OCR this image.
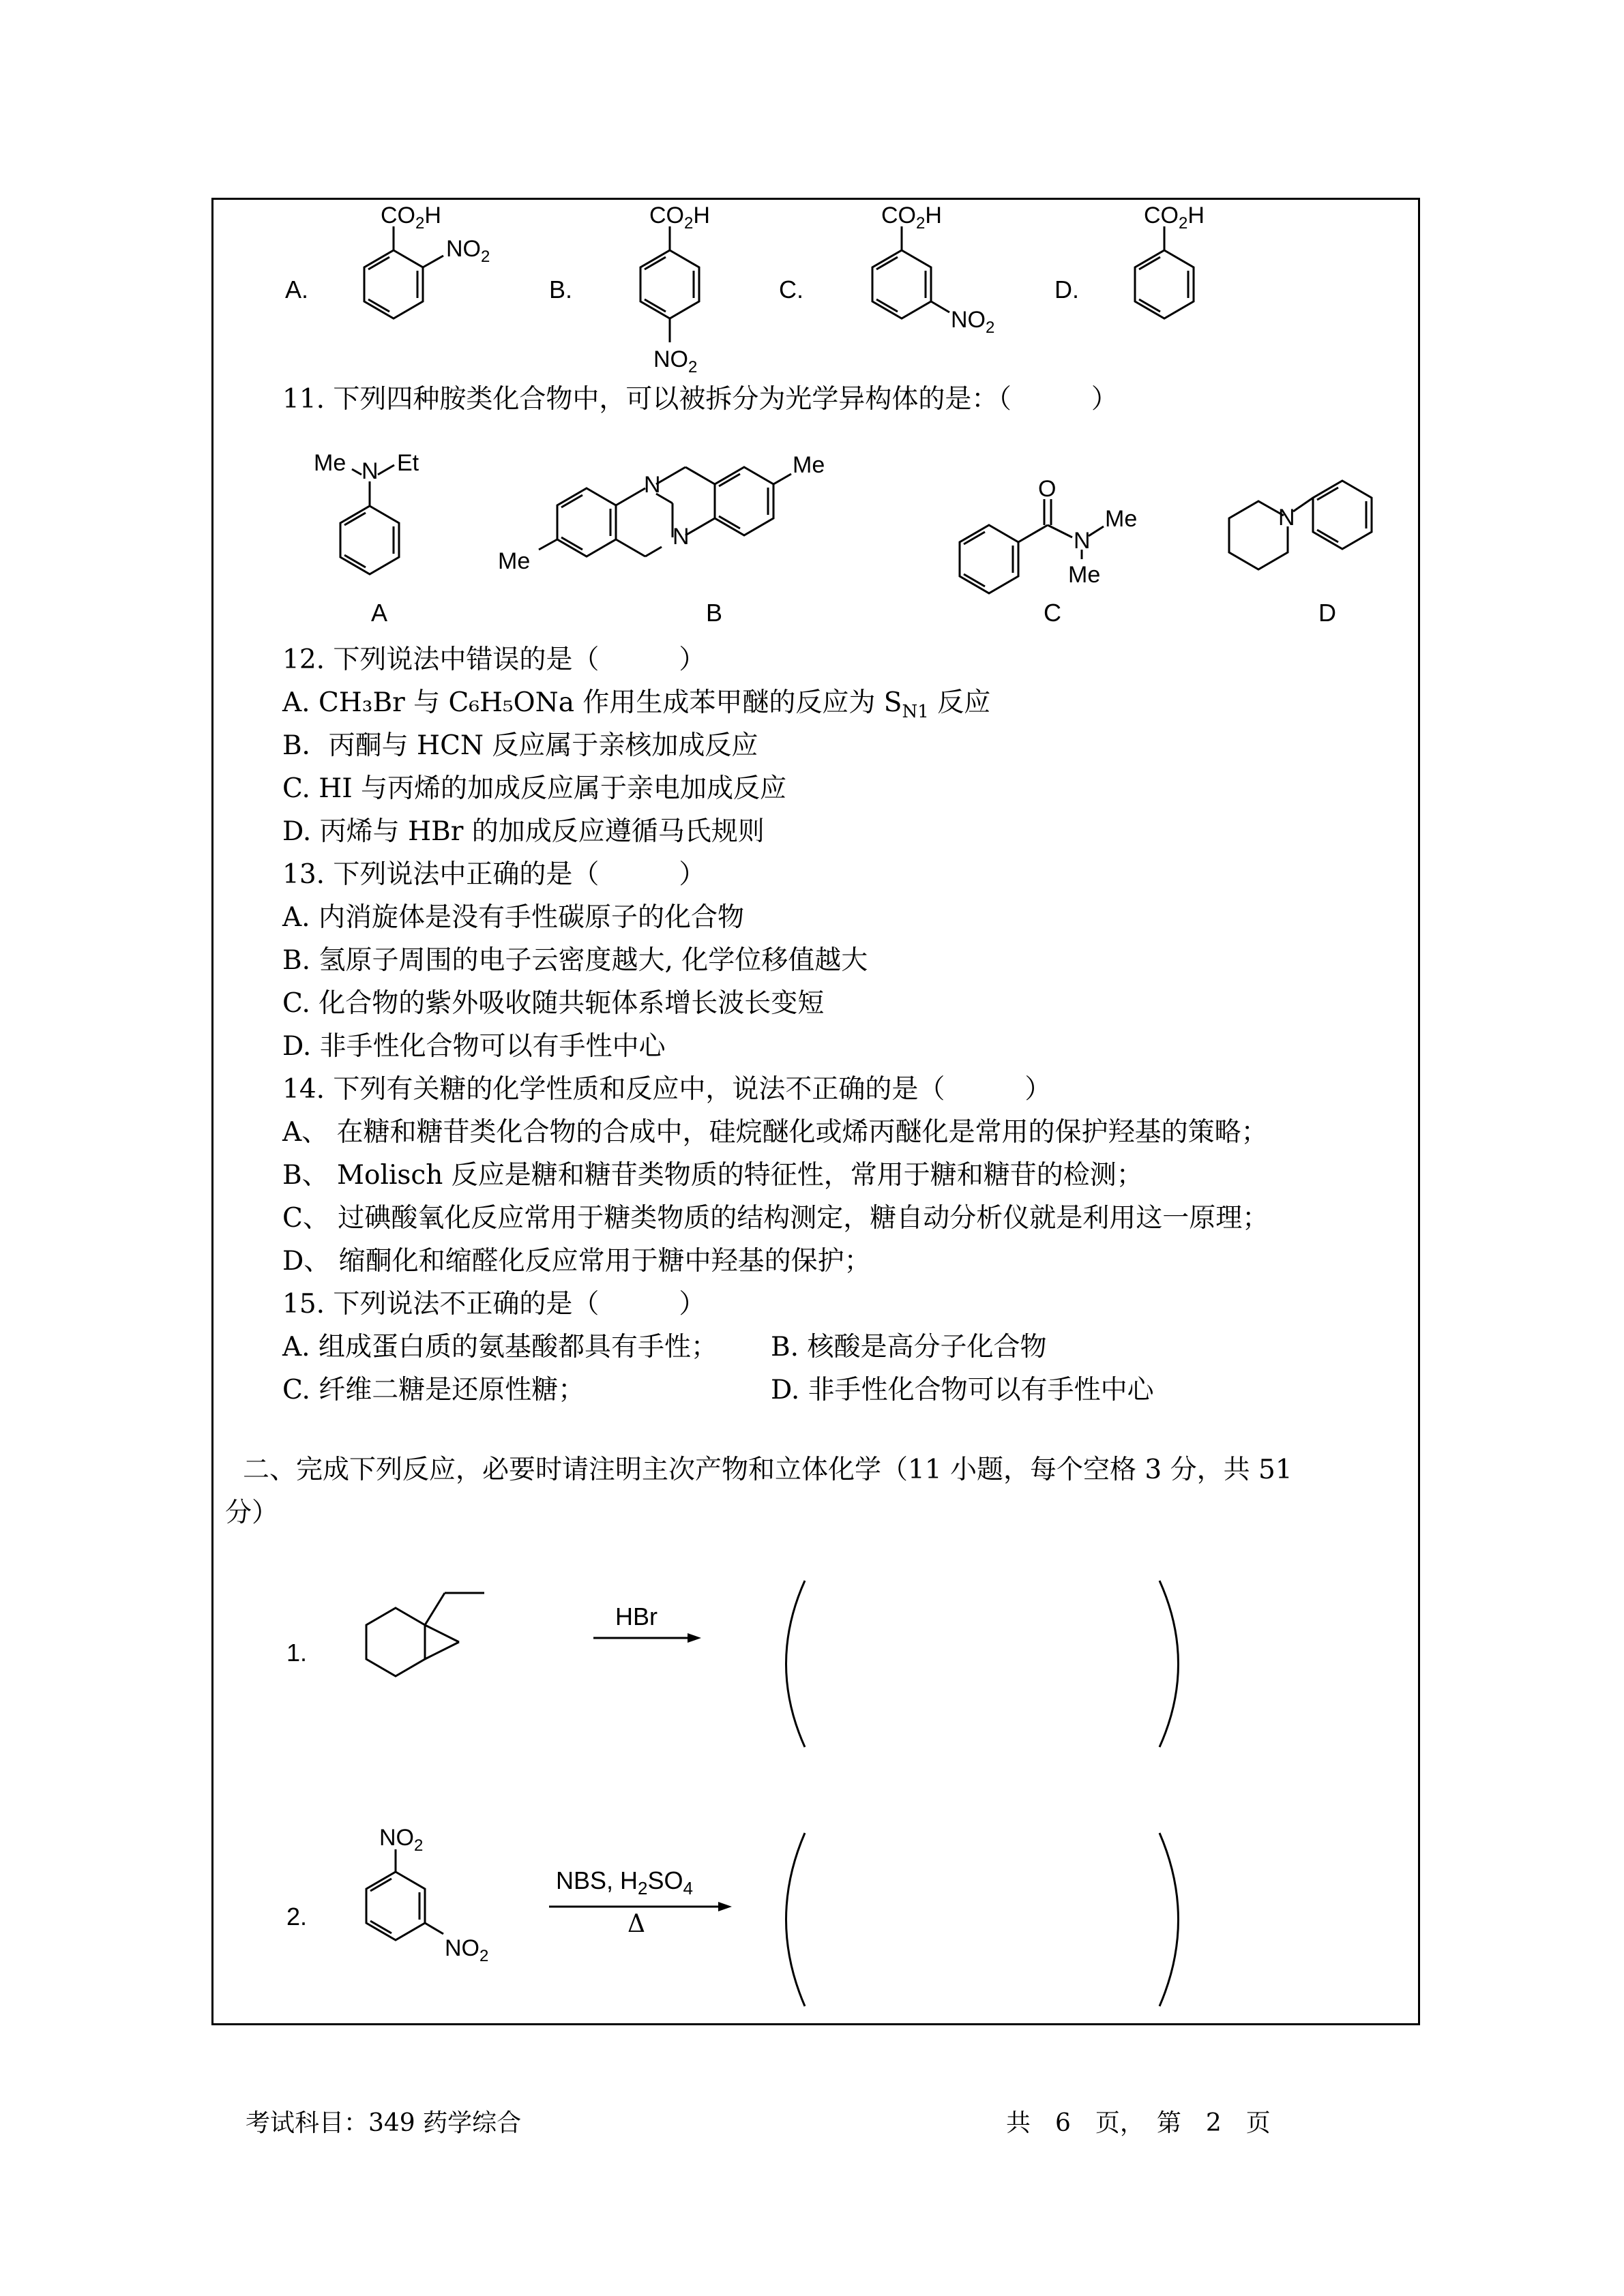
A.	B.	C.	D.
$CO_2H$
$NO_2$
$CO_2H$
$NO_2$
$CO_2H$
$NO_2$
$CO_2H$
11. 下列四种胺类化合物中，可以被拆分为光学异构体的是：（　　　）
Me N Et
N
N
Me
Me
O
N
Me
Me
N
A	B	C	D
12. 下列说法中错误的是（　　　）
A. CH₃Br 与 C₆H₅ONa 作用生成苯甲醚的反应为 $S_{N1}$ 反应
B．丙酮与 HCN 反应属于亲核加成反应
C. HI 与丙烯的加成反应属于亲电加成反应
D. 丙烯与 HBr 的加成反应遵循马氏规则
13. 下列说法中正确的是（　　　）
A. 内消旋体是没有手性碳原子的化合物
B. 氢原子周围的电子云密度越大, 化学位移值越大
C. 化合物的紫外吸收随共轭体系增长波长变短
D. 非手性化合物可以有手性中心
14. 下列有关糖的化学性质和反应中，说法不正确的是（　　　）
A、 在糖和糖苷类化合物的合成中，硅烷醚化或烯丙醚化是常用的保护羟基的策略；
B、 Molisch 反应是糖和糖苷类物质的特征性，常用于糖和糖苷的检测；
C、 过碘酸氧化反应常用于糖类物质的结构测定，糖自动分析仪就是利用这一原理；
D、 缩酮化和缩醛化反应常用于糖中羟基的保护；
15. 下列说法不正确的是（　　　）
A. 组成蛋白质的氨基酸都具有手性； B. 核酸是高分子化合物
C. 纤维二糖是还原性糖；	D. 非手性化合物可以有手性中心
二、完成下列反应，必要时请注明主次产物和立体化学（11 小题，每个空格 3 分，共 51
分）
1.
HBr
2.
$NO_2$
$NO_2$
NBS, $H_2SO_4$
Δ
考试科目：349 药学综合	共　6　页，　第　2　页
